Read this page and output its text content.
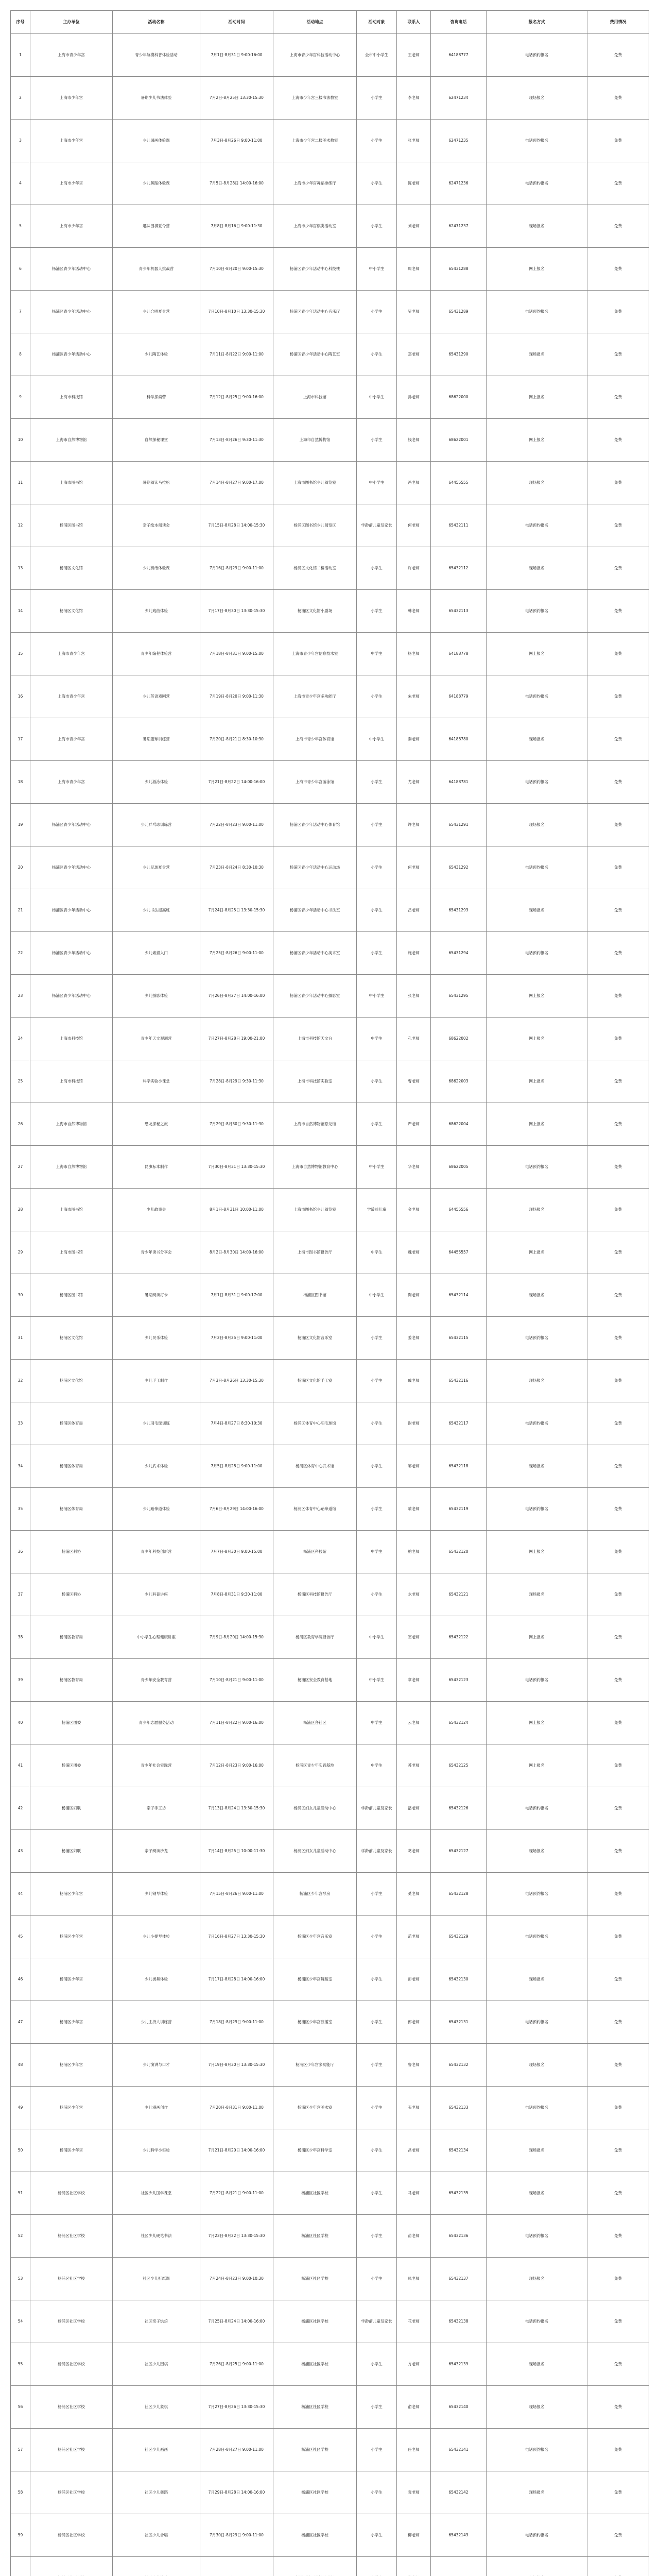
序号	主办单位	活动名称	活动时间	活动地点	活动对象	联系人	咨询电话	报名方式	费用情况
1	上海市青少年宫	青少年航模科普体验活动	7月1日-8月31日 9:00-16:00	上海市青少年宫科技活动中心	全市中小学生	王老师	64188777	电话预约报名	免费
2	上海市少年宫	暑期少儿书法体验	7月2日-8月25日 13:30-15:30	上海市少年宫三楼书法教室	小学生	李老师	62471234	现场报名	免费
3	上海市少年宫	少儿国画体验课	7月3日-8月26日 9:00-11:00	上海市少年宫二楼美术教室	小学生	张老师	62471235	电话预约报名	免费
4	上海市少年宫	少儿舞蹈体验课	7月5日-8月28日 14:00-16:00	上海市少年宫舞蹈排练厅	小学生	陈老师	62471236	电话预约报名	免费
5	上海市少年宫	趣味围棋夏令营	7月8日-8月16日 9:00-11:30	上海市少年宫棋类活动室	小学生	刘老师	62471237	现场报名	免费
6	杨浦区青少年活动中心	青少年机器人挑战营	7月10日-8月20日 9:00-15:30	杨浦区青少年活动中心科技楼	中小学生	周老师	65431288	网上报名	免费
7	杨浦区青少年活动中心	少儿合唱夏令营	7月10日-8月10日 13:30-15:30	杨浦区青少年活动中心音乐厅	小学生	吴老师	65431289	电话预约报名	免费
8	杨浦区青少年活动中心	少儿陶艺体验	7月11日-8月22日 9:00-11:00	杨浦区青少年活动中心陶艺室	小学生	郑老师	65431290	现场报名	免费
9	上海市科技馆	科学探索营	7月12日-8月25日 9:00-16:00	上海市科技馆	中小学生	孙老师	68622000	网上报名	免费
10	上海市自然博物馆	自然探秘课堂	7月13日-8月26日 9:30-11:30	上海市自然博物馆	小学生	钱老师	68622001	网上报名	免费
11	上海市图书馆	暑期阅读马拉松	7月14日-8月27日 9:00-17:00	上海市图书馆少儿阅览室	中小学生	冯老师	64455555	现场报名	免费
12	杨浦区图书馆	亲子绘本阅读会	7月15日-8月28日 14:00-15:30	杨浦区图书馆少儿阅览区	学龄前儿童及家长	何老师	65432111	电话预约报名	免费
13	杨浦区文化馆	少儿剪纸体验课	7月16日-8月29日 9:00-11:00	杨浦区文化馆二楼活动室	小学生	许老师	65432112	现场报名	免费
14	杨浦区文化馆	少儿戏曲体验	7月17日-8月30日 13:30-15:30	杨浦区文化馆小剧场	小学生	韩老师	65432113	电话预约报名	免费
15	上海市青少年宫	青少年编程体验营	7月18日-8月31日 9:00-15:00	上海市青少年宫信息技术室	中学生	杨老师	64188778	网上报名	免费
16	上海市青少年宫	少儿英语戏剧营	7月19日-8月20日 9:00-11:30	上海市青少年宫多功能厅	小学生	朱老师	64188779	电话预约报名	免费
17	上海市青少年宫	暑期篮球训练营	7月20日-8月21日 8:30-10:30	上海市青少年宫体育馆	中小学生	秦老师	64188780	现场报名	免费
18	上海市青少年宫	少儿游泳体验	7月21日-8月22日 14:00-16:00	上海市青少年宫游泳馆	小学生	尤老师	64188781	电话预约报名	免费
19	杨浦区青少年活动中心	少儿乒乓球训练营	7月22日-8月23日 9:00-11:00	杨浦区青少年活动中心体育馆	小学生	许老师	65431291	现场报名	免费
20	杨浦区青少年活动中心	少儿足球夏令营	7月23日-8月24日 8:30-10:30	杨浦区青少年活动中心运动场	小学生	何老师	65431292	电话预约报名	免费
21	杨浦区青少年活动中心	少儿书法提高班	7月24日-8月25日 13:30-15:30	杨浦区青少年活动中心书法室	小学生	吕老师	65431293	现场报名	免费
22	杨浦区青少年活动中心	少儿素描入门	7月25日-8月26日 9:00-11:00	杨浦区青少年活动中心美术室	小学生	施老师	65431294	电话预约报名	免费
23	杨浦区青少年活动中心	少儿摄影体验	7月26日-8月27日 14:00-16:00	杨浦区青少年活动中心摄影室	中小学生	张老师	65431295	网上报名	免费
24	上海市科技馆	青少年天文观测营	7月27日-8月28日 19:00-21:00	上海市科技馆天文台	中学生	孔老师	68622002	网上报名	免费
25	上海市科技馆	科学实验小课堂	7月28日-8月29日 9:30-11:30	上海市科技馆实验室	小学生	曹老师	68622003	网上报名	免费
26	上海市自然博物馆	恐龙探秘之旅	7月29日-8月30日 9:30-11:30	上海市自然博物馆恐龙馆	小学生	严老师	68622004	网上报名	免费
27	上海市自然博物馆	昆虫标本制作	7月30日-8月31日 13:30-15:30	上海市自然博物馆教育中心	中小学生	华老师	68622005	电话预约报名	免费
28	上海市图书馆	少儿故事会	8月1日-8月31日 10:00-11:00	上海市图书馆少儿阅览室	学龄前儿童	金老师	64455556	现场报名	免费
29	上海市图书馆	青少年读书分享会	8月2日-8月30日 14:00-16:00	上海市图书馆报告厅	中学生	魏老师	64455557	网上报名	免费
30	杨浦区图书馆	暑期阅读打卡	7月1日-8月31日 9:00-17:00	杨浦区图书馆	中小学生	陶老师	65432114	现场报名	免费
31	杨浦区文化馆	少儿民乐体验	7月2日-8月25日 9:00-11:00	杨浦区文化馆音乐室	小学生	姜老师	65432115	电话预约报名	免费
32	杨浦区文化馆	少儿手工制作	7月3日-8月26日 13:30-15:30	杨浦区文化馆手工室	小学生	戚老师	65432116	现场报名	免费
33	杨浦区体育局	少儿羽毛球训练	7月4日-8月27日 8:30-10:30	杨浦区体育中心羽毛球馆	小学生	谢老师	65432117	电话预约报名	免费
34	杨浦区体育局	少儿武术体验	7月5日-8月28日 9:00-11:00	杨浦区体育中心武术馆	小学生	邹老师	65432118	现场报名	免费
35	杨浦区体育局	少儿跆拳道体验	7月6日-8月29日 14:00-16:00	杨浦区体育中心跆拳道馆	小学生	喻老师	65432119	电话预约报名	免费
36	杨浦区科协	青少年科技创新营	7月7日-8月30日 9:00-15:00	杨浦区科技馆	中学生	柏老师	65432120	网上报名	免费
37	杨浦区科协	少儿科普讲座	7月8日-8月31日 9:30-11:00	杨浦区科技馆报告厅	小学生	水老师	65432121	现场报名	免费
38	杨浦区教育局	中小学生心理健康讲座	7月9日-8月20日 14:00-15:30	杨浦区教育学院报告厅	中小学生	窦老师	65432122	网上报名	免费
39	杨浦区教育局	青少年安全教育营	7月10日-8月21日 9:00-11:00	杨浦区安全教育基地	中小学生	章老师	65432123	电话预约报名	免费
40	杨浦区团委	青少年志愿服务活动	7月11日-8月22日 9:00-16:00	杨浦区各社区	中学生	云老师	65432124	网上报名	免费
41	杨浦区团委	青少年社会实践营	7月12日-8月23日 9:00-16:00	杨浦区青少年实践基地	中学生	苏老师	65432125	网上报名	免费
42	杨浦区妇联	亲子手工坊	7月13日-8月24日 13:30-15:30	杨浦区妇女儿童活动中心	学龄前儿童及家长	潘老师	65432126	电话预约报名	免费
43	杨浦区妇联	亲子阅读沙龙	7月14日-8月25日 10:00-11:30	杨浦区妇女儿童活动中心	学龄前儿童及家长	葛老师	65432127	现场报名	免费
44	杨浦区少年宫	少儿钢琴体验	7月15日-8月26日 9:00-11:00	杨浦区少年宫琴房	小学生	奚老师	65432128	电话预约报名	免费
45	杨浦区少年宫	少儿小提琴体验	7月16日-8月27日 13:30-15:30	杨浦区少年宫音乐室	小学生	范老师	65432129	电话预约报名	免费
46	杨浦区少年宫	少儿街舞体验	7月17日-8月28日 14:00-16:00	杨浦区少年宫舞蹈室	小学生	彭老师	65432130	现场报名	免费
47	杨浦区少年宫	少儿主持人训练营	7月18日-8月29日 9:00-11:00	杨浦区少年宫演播室	小学生	郎老师	65432131	电话预约报名	免费
48	杨浦区少年宫	少儿演讲与口才	7月19日-8月30日 13:30-15:30	杨浦区少年宫多功能厅	小学生	鲁老师	65432132	现场报名	免费
49	杨浦区少年宫	少儿漫画创作	7月20日-8月31日 9:00-11:00	杨浦区少年宫美术室	小学生	韦老师	65432133	电话预约报名	免费
50	杨浦区少年宫	少儿科学小实验	7月21日-8月20日 14:00-16:00	杨浦区少年宫科学室	小学生	昌老师	65432134	现场报名	免费
51	杨浦区社区学校	社区少儿国学课堂	7月22日-8月21日 9:00-11:00	杨浦区社区学校	小学生	马老师	65432135	现场报名	免费
52	杨浦区社区学校	社区少儿硬笔书法	7月23日-8月22日 13:30-15:30	杨浦区社区学校	小学生	苗老师	65432136	电话预约报名	免费
53	杨浦区社区学校	社区少儿折纸课	7月24日-8月23日 9:00-10:30	杨浦区社区学校	小学生	凤老师	65432137	现场报名	免费
54	杨浦区社区学校	社区亲子烘焙	7月25日-8月24日 14:00-16:00	杨浦区社区学校	学龄前儿童及家长	花老师	65432138	电话预约报名	免费
55	杨浦区社区学校	社区少儿围棋	7月26日-8月25日 9:00-11:00	杨浦区社区学校	小学生	方老师	65432139	现场报名	免费
56	杨浦区社区学校	社区少儿象棋	7月27日-8月26日 13:30-15:30	杨浦区社区学校	小学生	俞老师	65432140	现场报名	免费
57	杨浦区社区学校	社区少儿画画	7月28日-8月27日 9:00-11:00	杨浦区社区学校	小学生	任老师	65432141	电话预约报名	免费
58	杨浦区社区学校	社区少儿舞蹈	7月29日-8月28日 14:00-16:00	杨浦区社区学校	小学生	袁老师	65432142	现场报名	免费
59	杨浦区社区学校	社区少儿合唱	7月30日-8月29日 9:00-11:00	杨浦区社区学校	小学生	柳老师	65432143	电话预约报名	免费
